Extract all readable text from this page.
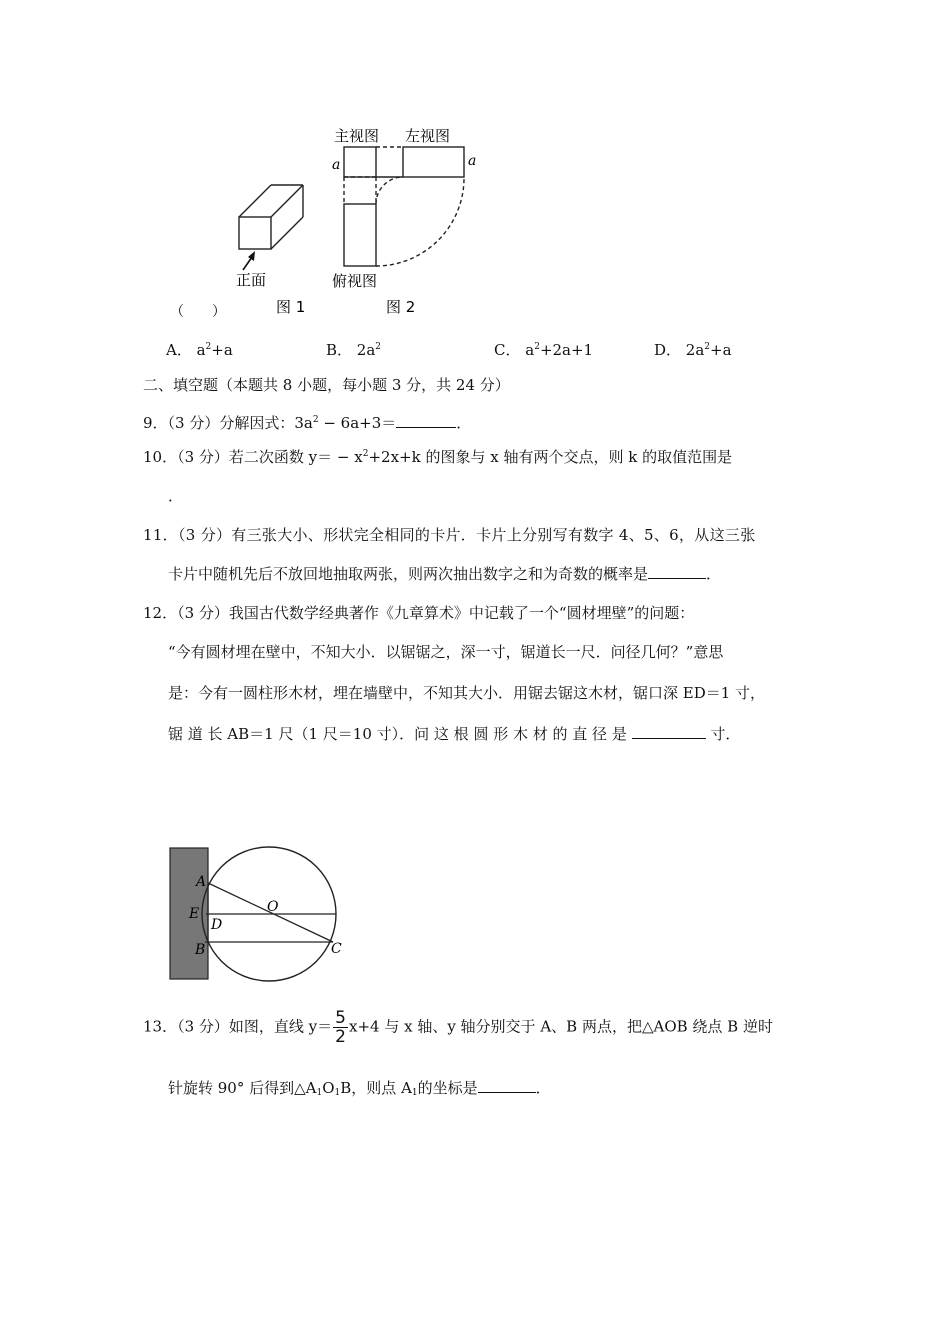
正面
图 1
主视图 左视图
a	a
俯视图
图 2
（　　）
A． $a^2+a$	B． $2a^2$	C． $a^2+2a+1$	D． $2a^2+a$
二、填空题（本题共 8 小题，每小题 3 分，共 24 分）
9．（3 分）分解因式：$3a^2 - 6a+3=$	．
10．（3 分）若二次函数 $y= - x^2+2x+k$ 的图象与 x 轴有两个交点，则 k 的取值范围是
．
11．（3 分）有三张大小、形状完全相同的卡片．卡片上分别写有数字 4、5、6，从这三张
卡片中随机先后不放回地抽取两张，则两次抽出数字之和为奇数的概率是	．
12．（3 分）我国古代数学经典著作《九章算术》中记载了一个“圆材埋壁”的问题：
“今有圆材埋在壁中，不知大小．以锯锯之，深一寸，锯道长一尺．问径几何？”意思
是：今有一圆柱形木材，埋在墙壁中，不知其大小．用锯去锯这木材，锯口深 ED＝1 寸，
锯 道 长 AB＝1 尺（1 尺＝10 寸）．问 这 根 圆 形 木 材 的 直 径 是	寸．
A
E
D
B
O
C
13．（3 分）如图，直线 $y= \frac{5}{2} x+4$ 与 x 轴、y 轴分别交于 A、B 两点，把△AOB 绕点 B 逆时
针旋转 90° 后得到$\triangle A_1O_1B$，则点 $A_1$的坐标是	．
